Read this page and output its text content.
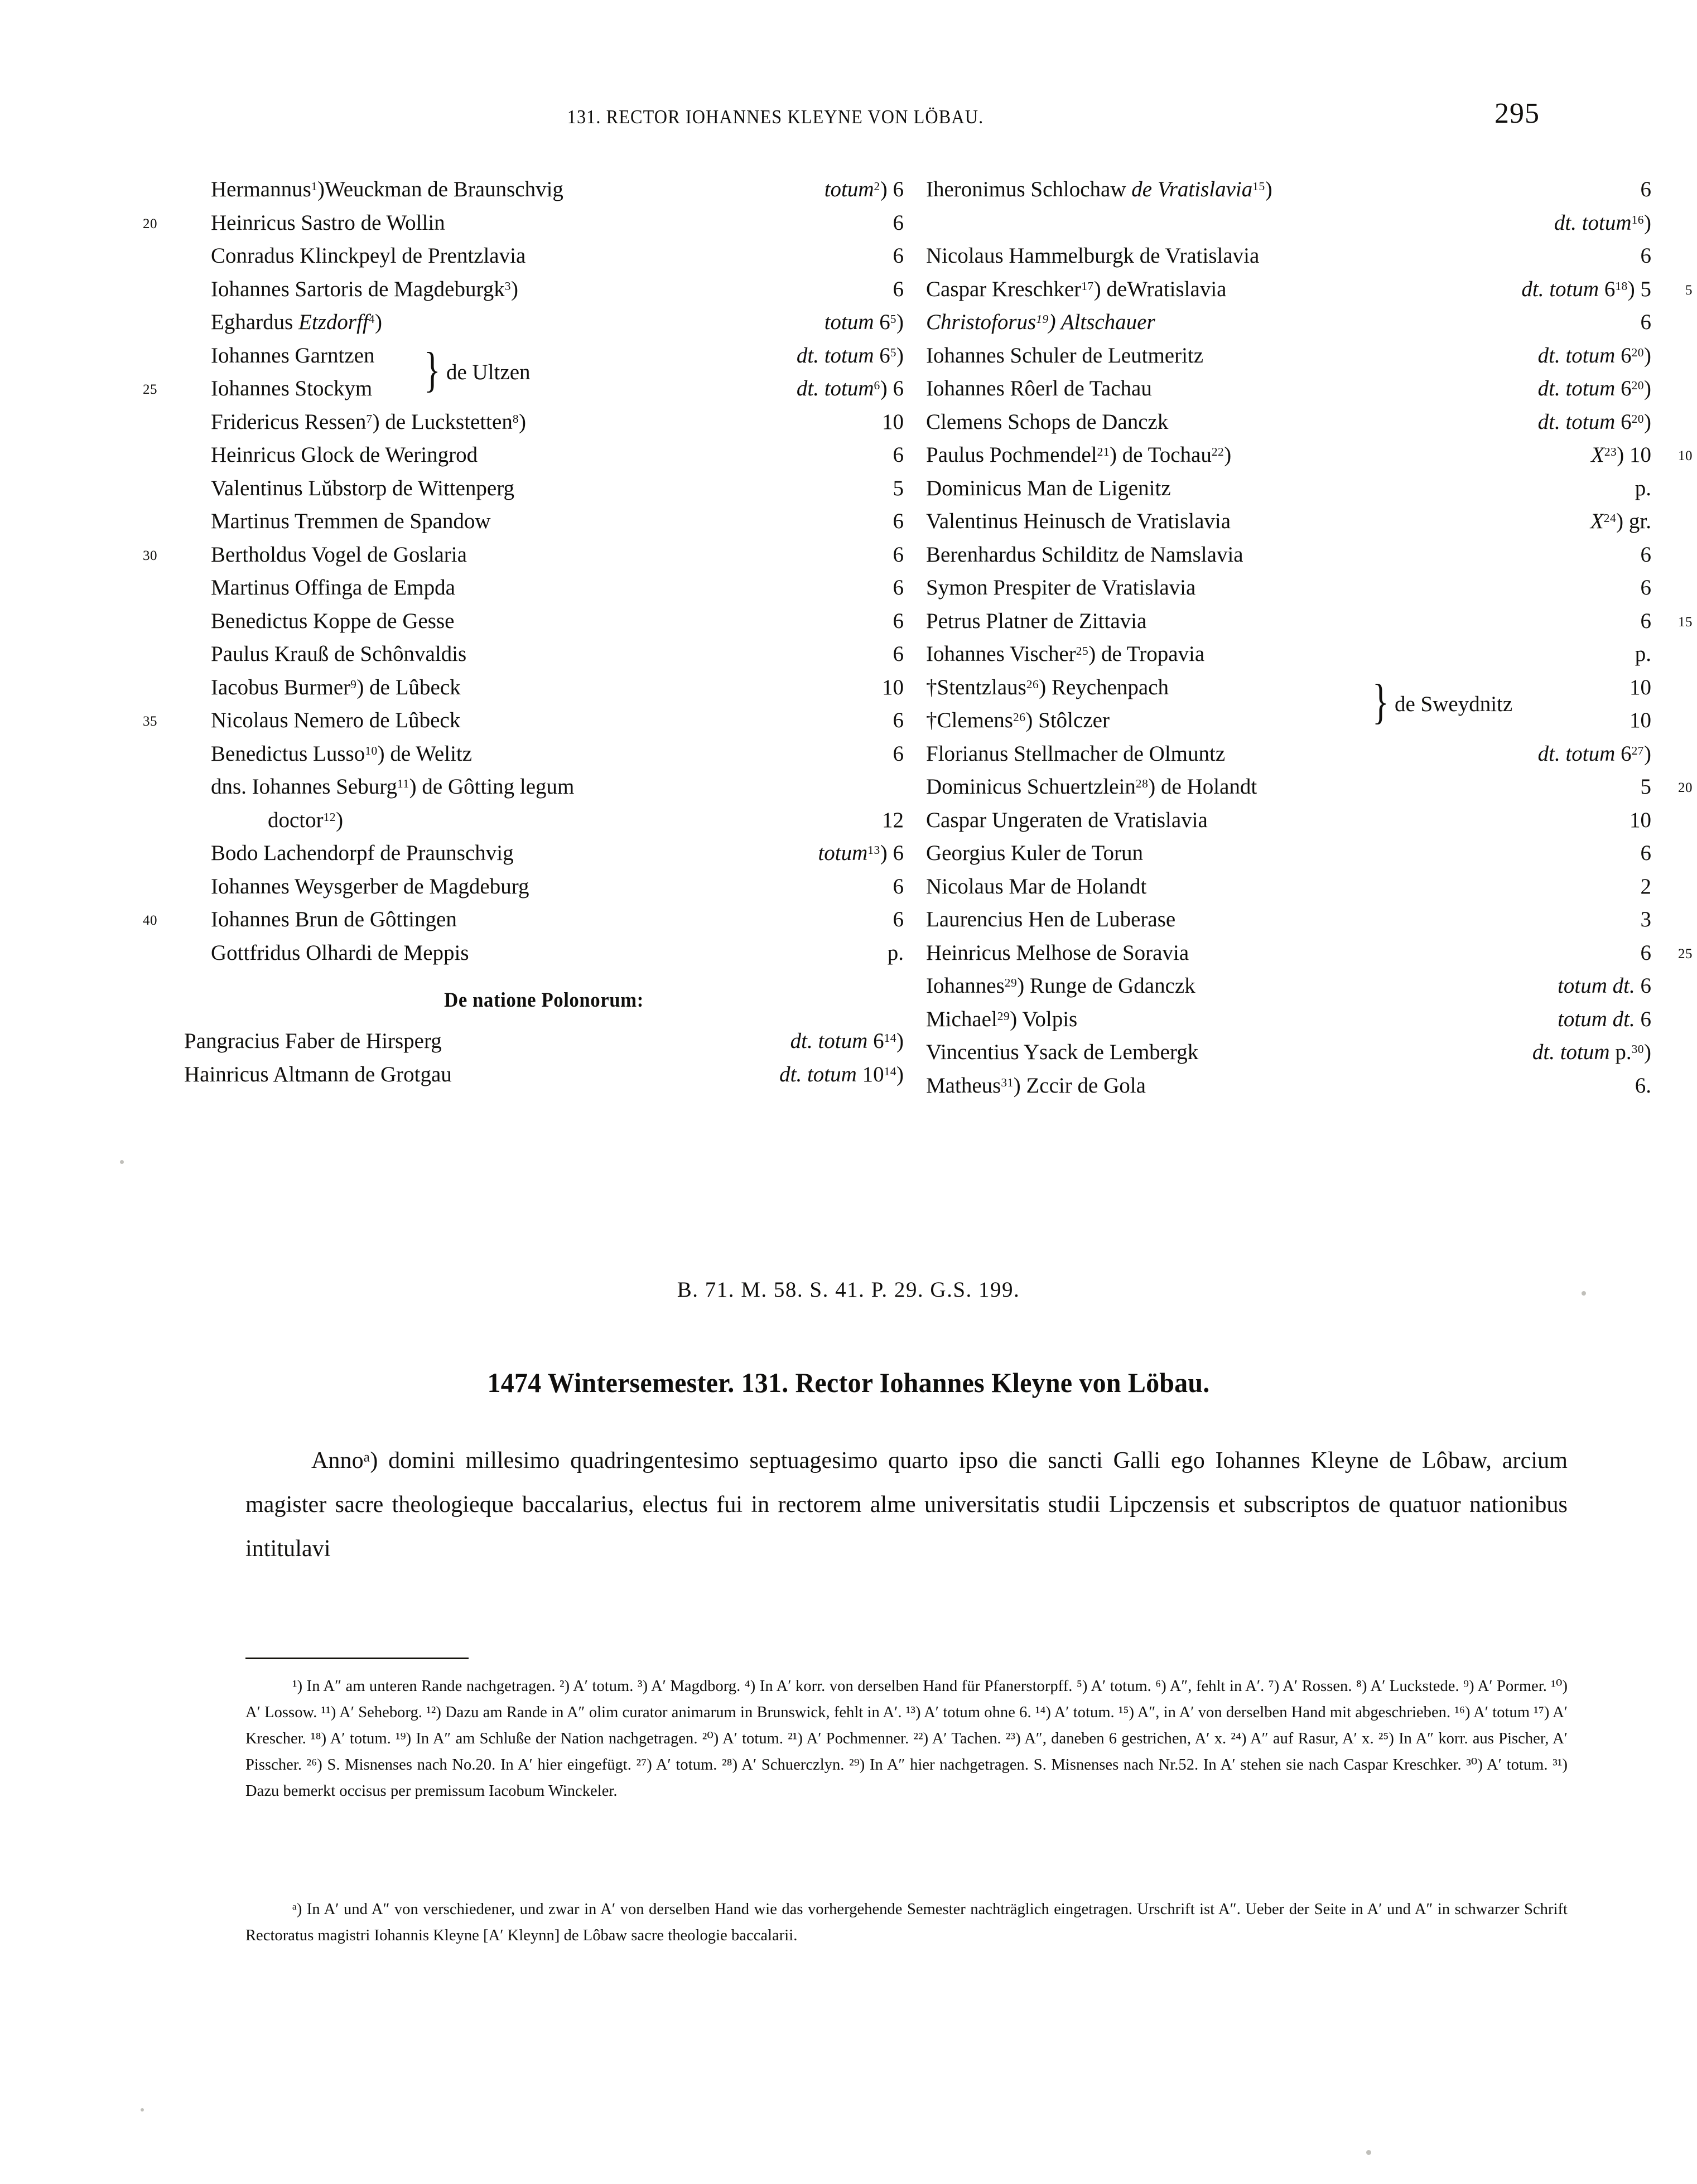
131. RECTOR IOHANNES KLEYNE VON LÖBAU.	295
Hermannus$^1$)Weuckman de Braunschvig	totum$^2$) 6
20 Heinricus Sastro de Wollin	6
Conradus Klinckpeyl de Prentzlavia	6
Iohannes Sartoris de Magdeburgk$^3$)	6
Eghardus Etzdorff$^4$)	totum $6^5$)
Iohannes Garntzen	dt. totum $6^5$)
25 Iohannes Stockym	dt. totum$^6$) 6
} de Ultzen
Fridericus Ressen$^7$) de Luckstetten$^8$)	10
Heinricus Glock de Weringrod	6
Valentinus Lŭbstorp de Wittenperg	5
Martinus Tremmen de Spandow	6
30 Bertholdus Vogel de Goslaria	6
Martinus Offinga de Empda	6
Benedictus Koppe de Gesse	6
Paulus Krauß de Schônvaldis	6
Iacobus Burmer$^9$) de Lûbeck	10
35 Nicolaus Nemero de Lûbeck	6
Benedictus Lusso$^{10}$) de Welitz	6
dns. Iohannes Seburg$^{11}$) de Gôtting legum
doctor$^{12}$)	12
Bodo Lachendorpf de Praunschvig	totum$^{13}$) 6
Iohannes Weysgerber de Magdeburg	6
40 Iohannes Brun de Gôttingen	6
Gottfridus Olhardi de Meppis	p.
De natione Polonorum:
Pangracius Faber de Hirsperg	dt. totum $6^{14}$)
Hainricus Altmann de Grotgau	dt. totum $10^{14}$)
Iheronimus Schlochaw de Vratislavia$^{15}$)	6
dt. totum$^{16}$)
Nicolaus Hammelburgk de Vratislavia	6
5
Caspar Kreschker$^{17}$) deWratislavia	dt. totum $6^{18}$) 5
Christoforus$^{19}$) Altschauer	6
Iohannes Schuler de Leutmeritz	dt. totum $6^{20}$)
Iohannes Rôerl de Tachau	dt. totum $6^{20}$)
Clemens Schops de Danczk	dt. totum $6^{20}$)
10
Paulus Pochmendel$^{21}$) de Tochau$^{22}$)	$X^{23}$) 10
Dominicus Man de Ligenitz	p.
Valentinus Heinusch de Vratislavia	$X^{24}$) gr.
Berenhardus Schilditz de Namslavia	6
Symon Prespiter de Vratislavia	6
15
Petrus Platner de Zittavia	6
Iohannes Vischer$^{25}$) de Tropavia	p.
†Stentzlaus$^{26}$) Reychenpach	10
†Clemens$^{26}$) Stôlczer	10
} de Sweydnitz
Florianus Stellmacher de Olmuntz	dt. totum $6^{27}$)
20
Dominicus Schuertzlein$^{28}$) de Holandt	5
Caspar Ungeraten de Vratislavia	10
Georgius Kuler de Torun	6
Nicolaus Mar de Holandt	2
Laurencius Hen de Luberase	3
25
Heinricus Melhose de Soravia	6
Iohannes$^{29}$) Runge de Gdanczk	totum dt. 6
Michael$^{29}$) Volpis	totum dt. 6
Vincentius Ysack de Lembergk	dt. totum p.$^{30}$)
Matheus$^{31}$) Zccir de Gola	6.
B. 71. M. 58. S. 41. P. 29. G.S. 199.
1474 Wintersemester. 131. Rector Iohannes Kleyne von Löbau.
Annoᵃ) domini millesimo quadringentesimo septuagesimo quarto ipso die sancti Galli ego Iohannes Kleyne de Lôbaw, arcium magister sacre theologieque baccalarius, electus fui in rectorem alme universitatis studii Lipczensis et subscriptos de quatuor nationibus intitulavi
¹) In A″ am unteren Rande nachgetragen. ²) A′ totum. ³) A′ Magdborg. ⁴) In A′ korr. von derselben Hand für Pfanerstorpff. ⁵) A′ totum. ⁶) A″, fehlt in A′. ⁷) A′ Rossen. ⁸) A′ Luckstede. ⁹) A′ Pormer. ¹⁰) A′ Lossow. ¹¹) A′ Seheborg. ¹²) Dazu am Rande in A″ olim curator animarum in Brunswick, fehlt in A′. ¹³) A′ totum ohne 6. ¹⁴) A′ totum. ¹⁵) A″, in A′ von derselben Hand mit abgeschrieben. ¹⁶) A′ totum ¹⁷) A′ Krescher. ¹⁸) A′ totum. ¹⁹) In A″ am Schluße der Nation nachgetragen. ²⁰) A′ totum. ²¹) A′ Pochmenner. ²²) A′ Tachen. ²³) A″, daneben 6 gestrichen, A′ x. ²⁴) A″ auf Rasur, A′ x. ²⁵) In A″ korr. aus Pischer, A′ Pisscher. ²⁶) S. Misnenses nach No.20. In A′ hier eingefügt. ²⁷) A′ totum. ²⁸) A′ Schuerczlyn. ²⁹) In A″ hier nachgetragen. S. Misnenses nach Nr.52. In A′ stehen sie nach Caspar Kreschker. ³⁰) A′ totum. ³¹) Dazu bemerkt occisus per premissum Iacobum Winckeler.
ᵃ) In A′ und A″ von verschiedener, und zwar in A′ von derselben Hand wie das vorhergehende Semester nachträglich eingetragen. Urschrift ist A″. Ueber der Seite in A′ und A″ in schwarzer Schrift Rectoratus magistri Iohannis Kleyne [A′ Kleynn] de Lôbaw sacre theologie baccalarii.
